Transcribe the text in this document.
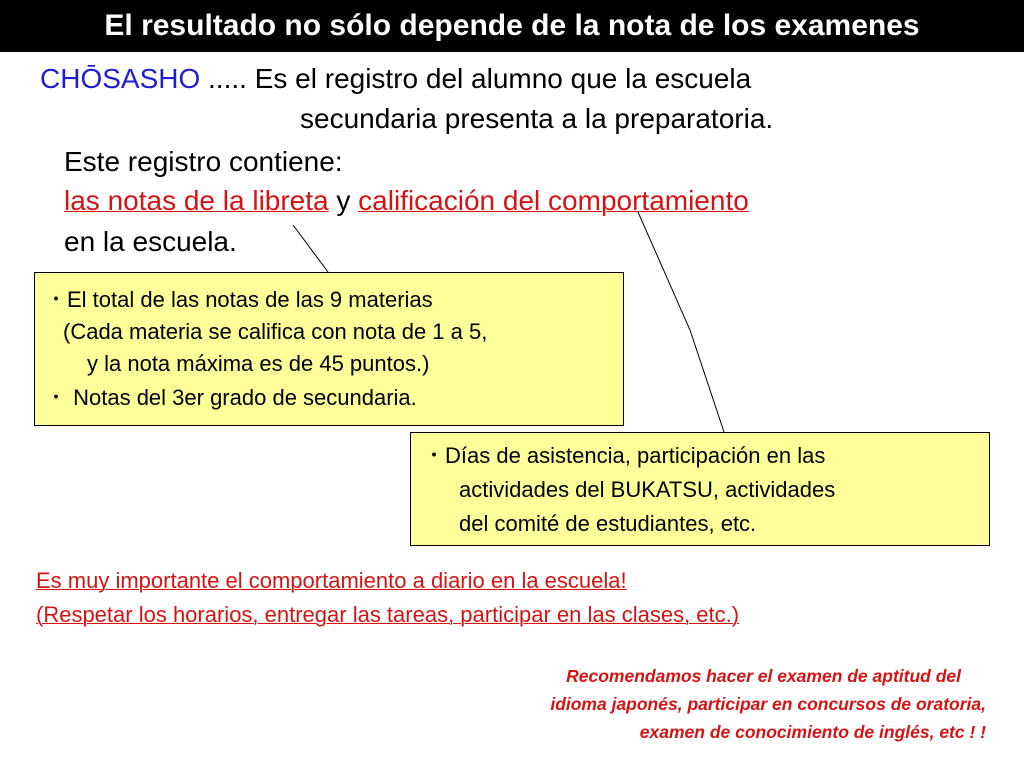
El resultado no sólo depende de la nota de los examenes
CHŌSASHO ..... Es el registro del alumno que la escuela
secundaria presenta a la preparatoria.
Este registro contiene:
las notas de la libreta y calificación del comportamiento
en la escuela.
・El total de las notas de las 9 materias
(Cada materia se califica con nota de 1 a 5,
y la nota máxima es de 45 puntos.)
・ Notas del 3er grado de secundaria.
・Días de asistencia, participación en las
actividades del BUKATSU, actividades
del comité de estudiantes, etc.
Es muy importante el comportamiento a diario en la escuela!
(Respetar los horarios, entregar las tareas, participar en las clases, etc.)
Recomendamos hacer el examen de aptitud del
idioma japonés, participar en concursos de oratoria,
examen de conocimiento de inglés, etc ! !
